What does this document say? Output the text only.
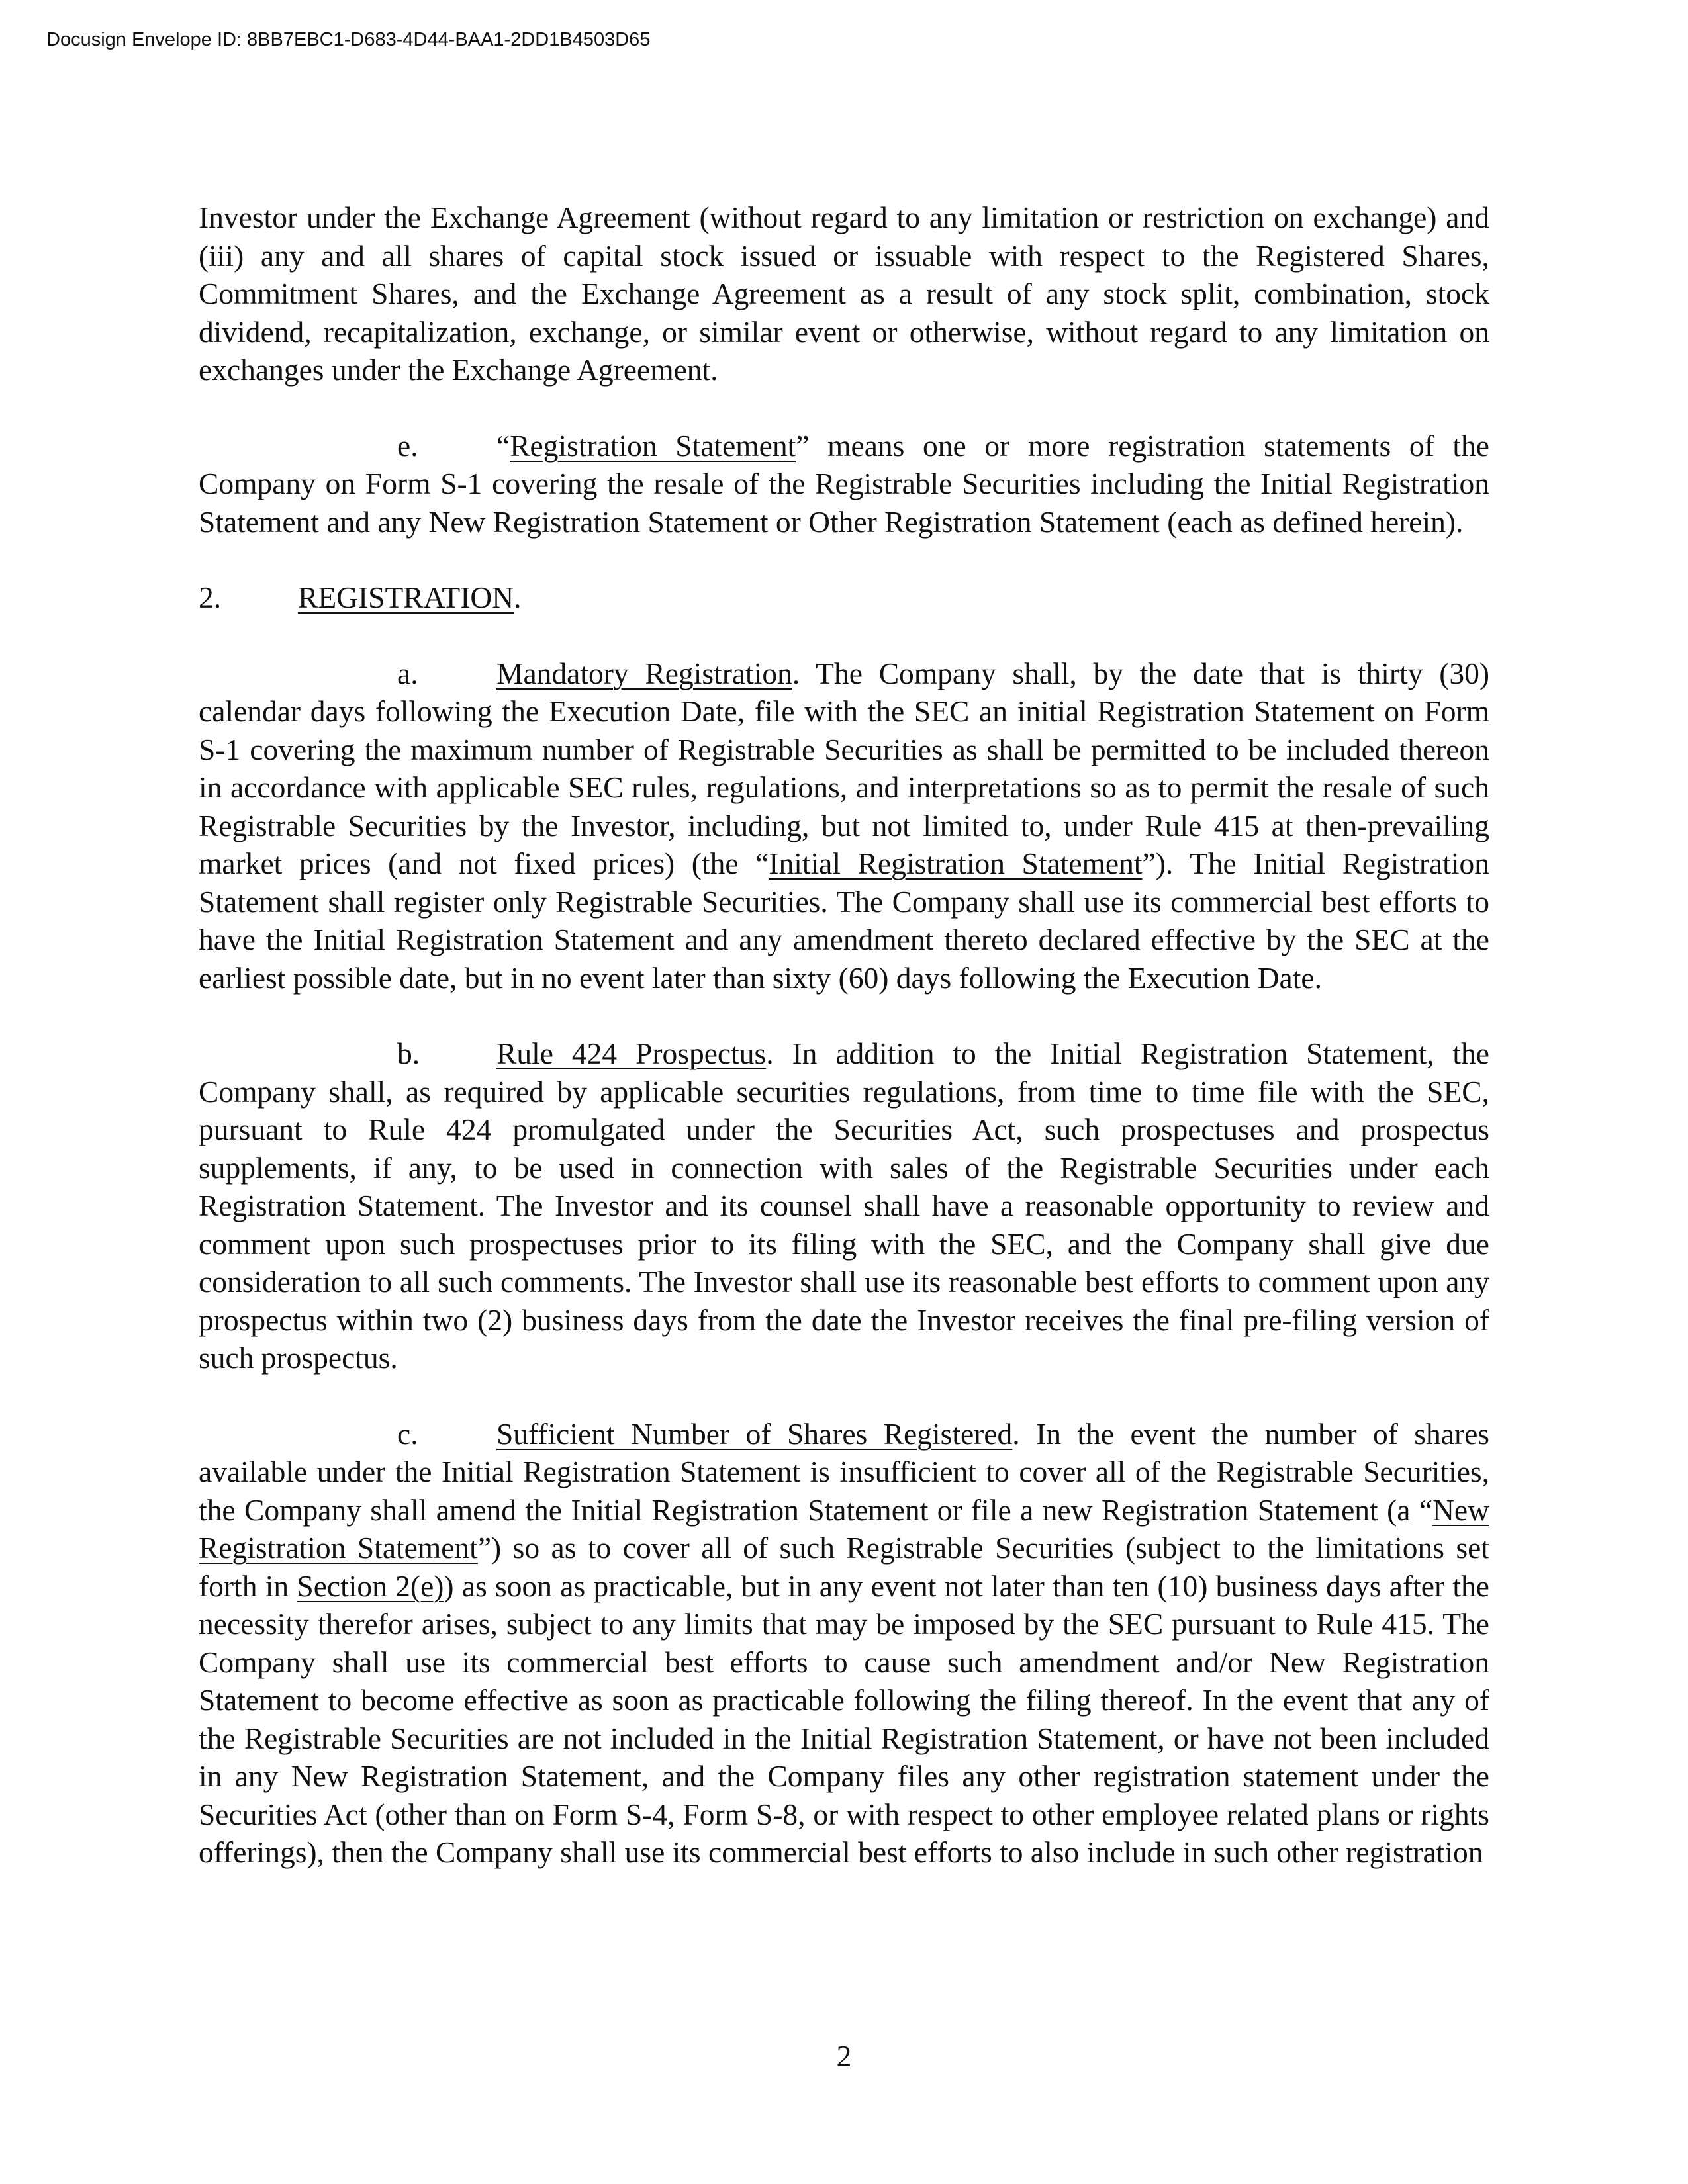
Docusign Envelope ID: 8BB7EBC1-D683-4D44-BAA1-2DD1B4503D65

Investor under the Exchange Agreement (without regard to any limitation or restriction on exchange) and (iii) any and all shares of capital stock issued or issuable with respect to the Registered Shares, Commitment Shares, and the Exchange Agreement as a result of any stock split, combination, stock dividend, recapitalization, exchange, or similar event or otherwise, without regard to any limitation on exchanges under the Exchange Agreement.

e.	“Registration Statement” means one or more registration statements of the Company on Form S-1 covering the resale of the Registrable Securities including the Initial Registration Statement and any New Registration Statement or Other Registration Statement (each as defined herein).

2.	REGISTRATION.

a.	Mandatory Registration. The Company shall, by the date that is thirty (30) calendar days following the Execution Date, file with the SEC an initial Registration Statement on Form S-1 covering the maximum number of Registrable Securities as shall be permitted to be included thereon in accordance with applicable SEC rules, regulations, and interpretations so as to permit the resale of such Registrable Securities by the Investor, including, but not limited to, under Rule 415 at then-prevailing market prices (and not fixed prices) (the “Initial Registration Statement”). The Initial Registration Statement shall register only Registrable Securities. The Company shall use its commercial best efforts to have the Initial Registration Statement and any amendment thereto declared effective by the SEC at the earliest possible date, but in no event later than sixty (60) days following the Execution Date.

b.	Rule 424 Prospectus. In addition to the Initial Registration Statement, the Company shall, as required by applicable securities regulations, from time to time file with the SEC, pursuant to Rule 424 promulgated under the Securities Act, such prospectuses and prospectus supplements, if any, to be used in connection with sales of the Registrable Securities under each Registration Statement. The Investor and its counsel shall have a reasonable opportunity to review and comment upon such prospectuses prior to its filing with the SEC, and the Company shall give due consideration to all such comments. The Investor shall use its reasonable best efforts to comment upon any prospectus within two (2) business days from the date the Investor receives the final pre-filing version of such prospectus.

c.	Sufficient Number of Shares Registered. In the event the number of shares available under the Initial Registration Statement is insufficient to cover all of the Registrable Securities, the Company shall amend the Initial Registration Statement or file a new Registration Statement (a “New Registration Statement”) so as to cover all of such Registrable Securities (subject to the limitations set forth in Section 2(e)) as soon as practicable, but in any event not later than ten (10) business days after the necessity therefor arises, subject to any limits that may be imposed by the SEC pursuant to Rule 415. The Company shall use its commercial best efforts to cause such amendment and/or New Registration Statement to become effective as soon as practicable following the filing thereof. In the event that any of the Registrable Securities are not included in the Initial Registration Statement, or have not been included in any New Registration Statement, and the Company files any other registration statement under the Securities Act (other than on Form S-4, Form S-8, or with respect to other employee related plans or rights offerings), then the Company shall use its commercial best efforts to also include in such other registration

2
